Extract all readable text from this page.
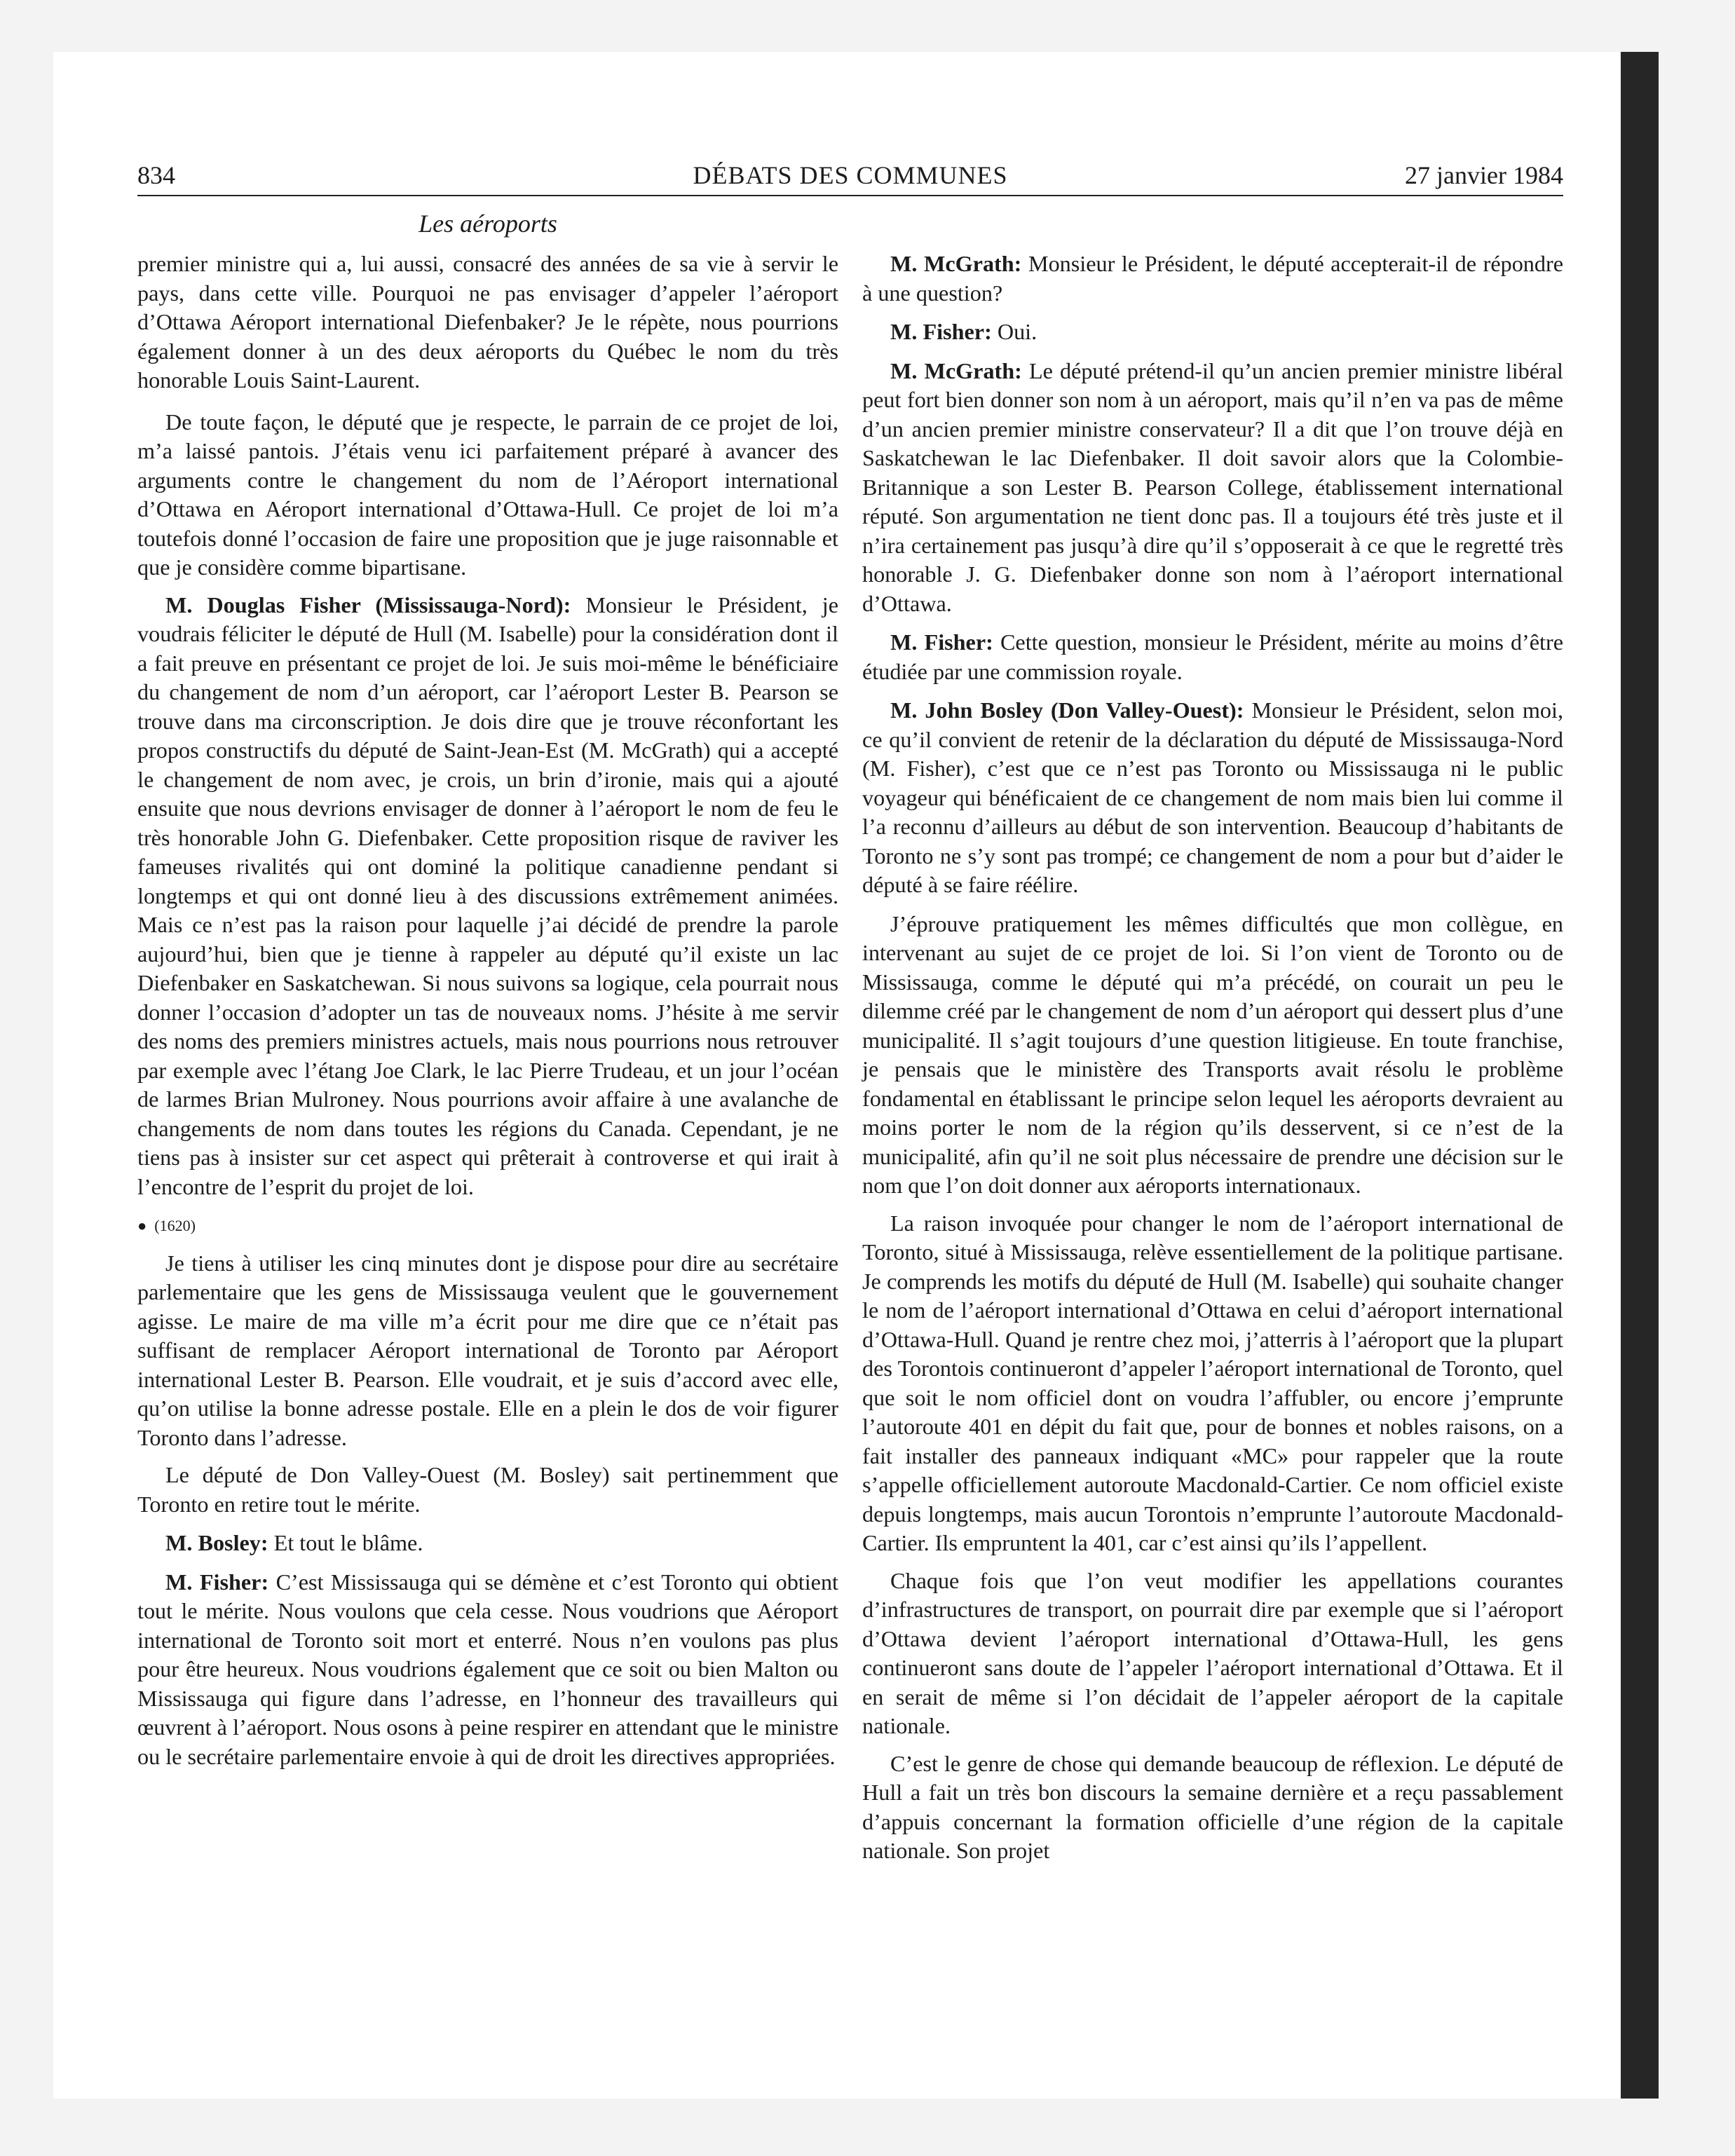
834	DÉBATS DES COMMUNES	27 janvier 1984
Les aéroports

premier ministre qui a, lui aussi, consacré des années de sa vie à servir le pays, dans cette ville. Pourquoi ne pas envisager d’appeler l’aéroport d’Ottawa Aéroport international Diefenbaker? Je le répète, nous pourrions également donner à un des deux aéroports du Québec le nom du très honorable Louis Saint-Laurent.

De toute façon, le député que je respecte, le parrain de ce projet de loi, m’a laissé pantois. J’étais venu ici parfaitement préparé à avancer des arguments contre le changement du nom de l’Aéroport international d’Ottawa en Aéroport international d’Ottawa-Hull. Ce projet de loi m’a toutefois donné l’occasion de faire une proposition que je juge raisonnable et que je considère comme bipartisane.

M. Douglas Fisher (Mississauga-Nord): Monsieur le Président, je voudrais féliciter le député de Hull (M. Isabelle) pour la considération dont il a fait preuve en présentant ce projet de loi. Je suis moi-même le bénéficiaire du changement de nom d’un aéroport, car l’aéroport Lester B. Pearson se trouve dans ma circonscription. Je dois dire que je trouve réconfortant les propos constructifs du député de Saint-Jean-Est (M. McGrath) qui a accepté le changement de nom avec, je crois, un brin d’ironie, mais qui a ajouté ensuite que nous devrions envisager de donner à l’aéroport le nom de feu le très honorable John G. Diefenbaker. Cette proposition risque de raviver les fameuses rivalités qui ont dominé la politique canadienne pendant si longtemps et qui ont donné lieu à des discussions extrêmement animées. Mais ce n’est pas la raison pour laquelle j’ai décidé de prendre la parole aujourd’hui, bien que je tienne à rappeler au député qu’il existe un lac Diefenbaker en Saskatchewan. Si nous suivons sa logique, cela pourrait nous donner l’occasion d’adopter un tas de nouveaux noms. J’hésite à me servir des noms des premiers ministres actuels, mais nous pourrions nous retrouver par exemple avec l’étang Joe Clark, le lac Pierre Trudeau, et un jour l’océan de larmes Brian Mulroney. Nous pourrions avoir affaire à une avalanche de changements de nom dans toutes les régions du Canada. Cependant, je ne tiens pas à insister sur cet aspect qui prêterait à controverse et qui irait à l’encontre de l’esprit du projet de loi.

● (1620)

Je tiens à utiliser les cinq minutes dont je dispose pour dire au secrétaire parlementaire que les gens de Mississauga veulent que le gouvernement agisse. Le maire de ma ville m’a écrit pour me dire que ce n’était pas suffisant de remplacer Aéroport international de Toronto par Aéroport international Lester B. Pearson. Elle voudrait, et je suis d’accord avec elle, qu’on utilise la bonne adresse postale. Elle en a plein le dos de voir figurer Toronto dans l’adresse.

Le député de Don Valley-Ouest (M. Bosley) sait pertinemment que Toronto en retire tout le mérite.

M. Bosley: Et tout le blâme.

M. Fisher: C’est Mississauga qui se démène et c’est Toronto qui obtient tout le mérite. Nous voulons que cela cesse. Nous voudrions que Aéroport international de Toronto soit mort et enterré. Nous n’en voulons pas plus pour être heureux. Nous voudrions également que ce soit ou bien Malton ou Mississauga qui figure dans l’adresse, en l’honneur des travailleurs qui œuvrent à l’aéroport. Nous osons à peine respirer en attendant que le ministre ou le secrétaire parlementaire envoie à qui de droit les directives appropriées.

M. McGrath: Monsieur le Président, le député accepterait-il de répondre à une question?

M. Fisher: Oui.

M. McGrath: Le député prétend-il qu’un ancien premier ministre libéral peut fort bien donner son nom à un aéroport, mais qu’il n’en va pas de même d’un ancien premier ministre conservateur? Il a dit que l’on trouve déjà en Saskatchewan le lac Diefenbaker. Il doit savoir alors que la Colombie-Britannique a son Lester B. Pearson College, établissement international réputé. Son argumentation ne tient donc pas. Il a toujours été très juste et il n’ira certainement pas jusqu’à dire qu’il s’opposerait à ce que le regretté très honorable J. G. Diefenbaker donne son nom à l’aéroport international d’Ottawa.

M. Fisher: Cette question, monsieur le Président, mérite au moins d’être étudiée par une commission royale.

M. John Bosley (Don Valley-Ouest): Monsieur le Président, selon moi, ce qu’il convient de retenir de la déclaration du député de Mississauga-Nord (M. Fisher), c’est que ce n’est pas Toronto ou Mississauga ni le public voyageur qui bénéficaient de ce changement de nom mais bien lui comme il l’a reconnu d’ailleurs au début de son intervention. Beaucoup d’habitants de Toronto ne s’y sont pas trompé; ce changement de nom a pour but d’aider le député à se faire réélire.

J’éprouve pratiquement les mêmes difficultés que mon collègue, en intervenant au sujet de ce projet de loi. Si l’on vient de Toronto ou de Mississauga, comme le député qui m’a précédé, on courait un peu le dilemme créé par le changement de nom d’un aéroport qui dessert plus d’une municipalité. Il s’agit toujours d’une question litigieuse. En toute franchise, je pensais que le ministère des Transports avait résolu le problème fondamental en établissant le principe selon lequel les aéroports devraient au moins porter le nom de la région qu’ils desservent, si ce n’est de la municipalité, afin qu’il ne soit plus nécessaire de prendre une décision sur le nom que l’on doit donner aux aéroports internationaux.

La raison invoquée pour changer le nom de l’aéroport international de Toronto, situé à Mississauga, relève essentiellement de la politique partisane. Je comprends les motifs du député de Hull (M. Isabelle) qui souhaite changer le nom de l’aéroport international d’Ottawa en celui d’aéroport international d’Ottawa-Hull. Quand je rentre chez moi, j’atterris à l’aéroport que la plupart des Torontois continueront d’appeler l’aéroport international de Toronto, quel que soit le nom officiel dont on voudra l’affubler, ou encore j’emprunte l’autoroute 401 en dépit du fait que, pour de bonnes et nobles raisons, on a fait installer des panneaux indiquant «MC» pour rappeler que la route s’appelle officiellement autoroute Macdonald-Cartier. Ce nom officiel existe depuis longtemps, mais aucun Torontois n’emprunte l’autoroute Macdonald-Cartier. Ils empruntent la 401, car c’est ainsi qu’ils l’appellent.

Chaque fois que l’on veut modifier les appellations courantes d’infrastructures de transport, on pourrait dire par exemple que si l’aéroport d’Ottawa devient l’aéroport international d’Ottawa-Hull, les gens continueront sans doute de l’appeler l’aéroport international d’Ottawa. Et il en serait de même si l’on décidait de l’appeler aéroport de la capitale nationale.

C’est le genre de chose qui demande beaucoup de réflexion. Le député de Hull a fait un très bon discours la semaine dernière et a reçu passablement d’appuis concernant la formation officielle d’une région de la capitale nationale. Son projet
